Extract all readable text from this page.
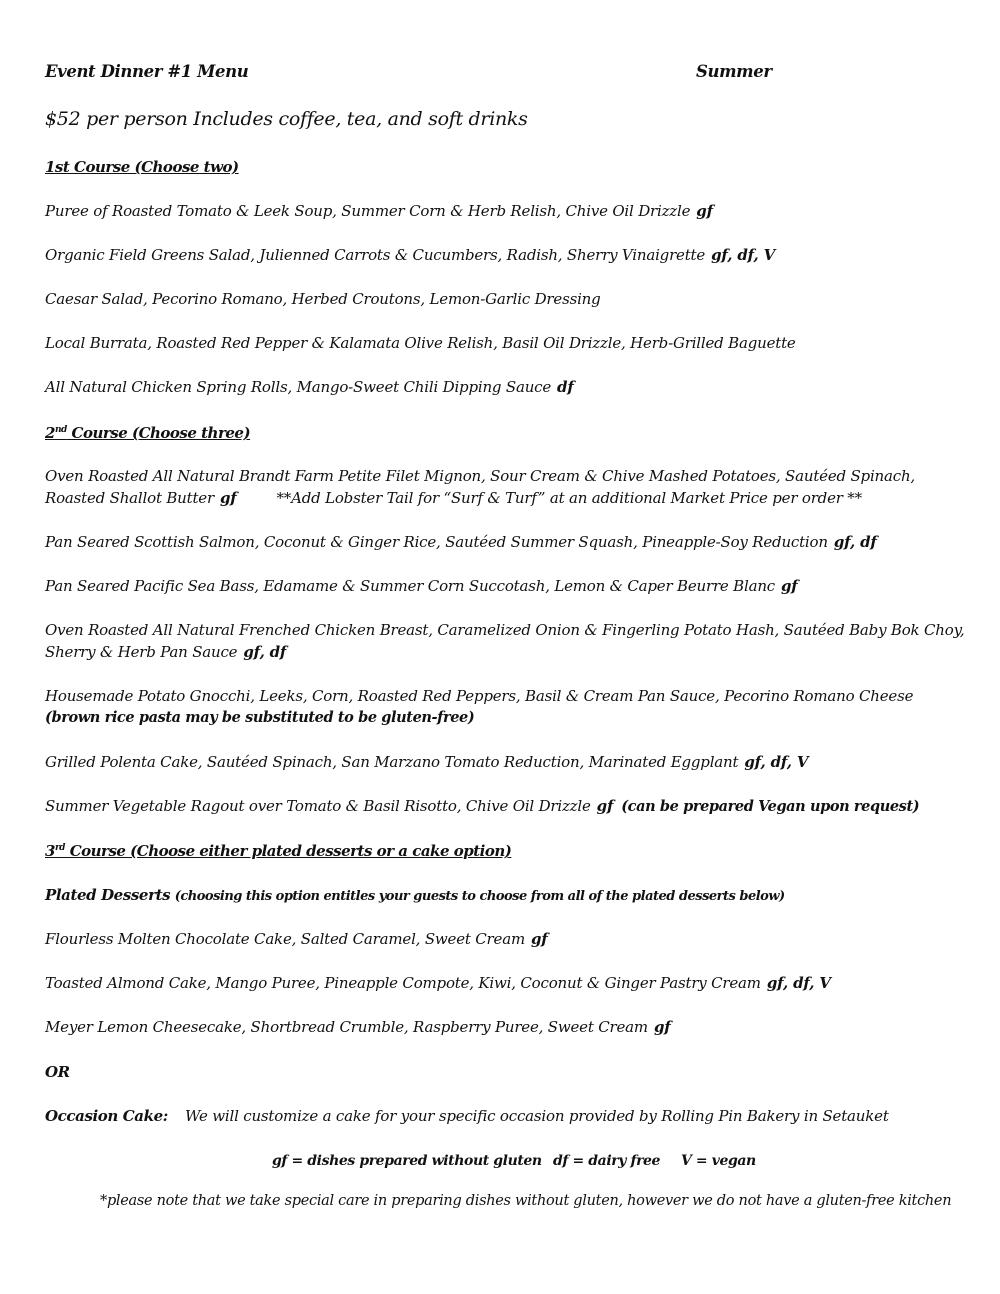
Event Dinner #1 Menu	Summer
$52 per person Includes coffee, tea, and soft drinks
1st Course (Choose two)
Puree of Roasted Tomato & Leek Soup, Summer Corn & Herb Relish, Chive Oil Drizzle gf
Organic Field Greens Salad, Julienned Carrots & Cucumbers, Radish, Sherry Vinaigrette gf, df, V
Caesar Salad, Pecorino Romano, Herbed Croutons, Lemon-Garlic Dressing
Local Burrata, Roasted Red Pepper & Kalamata Olive Relish, Basil Oil Drizzle, Herb-Grilled Baguette
All Natural Chicken Spring Rolls, Mango-Sweet Chili Dipping Sauce df
2nd Course (Choose three)
Oven Roasted All Natural Brandt Farm Petite Filet Mignon, Sour Cream & Chive Mashed Potatoes, Sautéed Spinach,
Roasted Shallot Butter gf	**Add Lobster Tail for “Surf & Turf” at an additional Market Price per order **
Pan Seared Scottish Salmon, Coconut & Ginger Rice, Sautéed Summer Squash, Pineapple-Soy Reduction gf, df
Pan Seared Pacific Sea Bass, Edamame & Summer Corn Succotash, Lemon & Caper Beurre Blanc gf
Oven Roasted All Natural Frenched Chicken Breast, Caramelized Onion & Fingerling Potato Hash, Sautéed Baby Bok Choy,
Sherry & Herb Pan Sauce gf, df
Housemade Potato Gnocchi, Leeks, Corn, Roasted Red Peppers, Basil & Cream Pan Sauce, Pecorino Romano Cheese
(brown rice pasta may be substituted to be gluten-free)
Grilled Polenta Cake, Sautéed Spinach, San Marzano Tomato Reduction, Marinated Eggplant gf, df, V
Summer Vegetable Ragout over Tomato & Basil Risotto, Chive Oil Drizzle gf (can be prepared Vegan upon request)
3rd Course (Choose either plated desserts or a cake option)
Plated Desserts (choosing this option entitles your guests to choose from all of the plated desserts below)
Flourless Molten Chocolate Cake, Salted Caramel, Sweet Cream gf
Toasted Almond Cake, Mango Puree, Pineapple Compote, Kiwi, Coconut & Ginger Pastry Cream gf, df, V
Meyer Lemon Cheesecake, Shortbread Crumble, Raspberry Puree, Sweet Cream gf
OR
Occasion Cake: We will customize a cake for your specific occasion provided by Rolling Pin Bakery in Setauket
gf = dishes prepared without gluten df = dairy free V = vegan
*please note that we take special care in preparing dishes without gluten, however we do not have a gluten-free kitchen
